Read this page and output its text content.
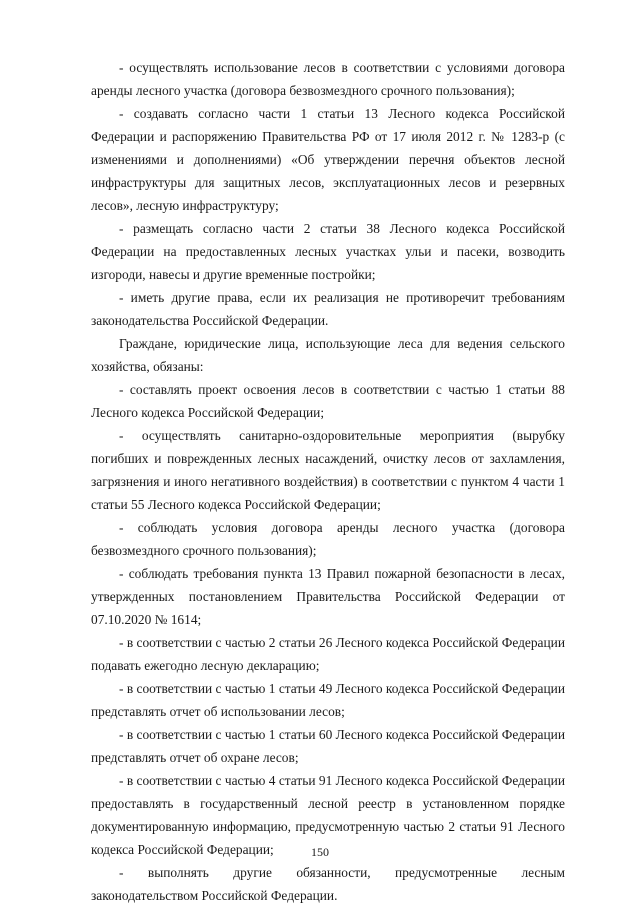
- осуществлять использование лесов в соответствии с условиями договора аренды лесного участка (договора безвозмездного срочного пользования);

- создавать согласно части 1 статьи 13 Лесного кодекса Российской Федерации и распоряжению Правительства РФ от 17 июля 2012 г. № 1283-р (с изменениями и дополнениями) «Об утверждении перечня объектов лесной инфраструктуры для защитных лесов, эксплуатационных лесов и резервных лесов», лесную инфраструктуру;

- размещать согласно части 2 статьи 38 Лесного кодекса Российской Федерации на предоставленных лесных участках ульи и пасеки, возводить изгороди, навесы и другие временные постройки;

- иметь другие права, если их реализация не противоречит требованиям законодательства Российской Федерации.

Граждане, юридические лица, использующие леса для ведения сельского хозяйства, обязаны:

- составлять проект освоения лесов в соответствии с частью 1 статьи 88 Лесного кодекса Российской Федерации;

- осуществлять санитарно-оздоровительные мероприятия (вырубку погибших и поврежденных лесных насаждений, очистку лесов от захламления, загрязнения и иного негативного воздействия) в соответствии с пунктом 4 части 1 статьи 55 Лесного кодекса Российской Федерации;

- соблюдать условия договора аренды лесного участка (договора безвозмездного срочного пользования);

- соблюдать требования пункта 13 Правил пожарной безопасности в лесах, утвержденных постановлением Правительства Российской Федерации от 07.10.2020 № 1614;

- в соответствии с частью 2 статьи 26 Лесного кодекса Российской Федерации подавать ежегодно лесную декларацию;

- в соответствии с частью 1 статьи 49 Лесного кодекса Российской Федерации представлять отчет об использовании лесов;

- в соответствии с частью 1 статьи 60 Лесного кодекса Российской Федерации представлять отчет об охране лесов;

- в соответствии с частью 4 статьи 91 Лесного кодекса Российской Федерации предоставлять в государственный лесной реестр в установленном порядке документированную информацию, предусмотренную частью 2 статьи 91 Лесного кодекса Российской Федерации;

- выполнять другие обязанности, предусмотренные лесным законодательством Российской Федерации.

150
